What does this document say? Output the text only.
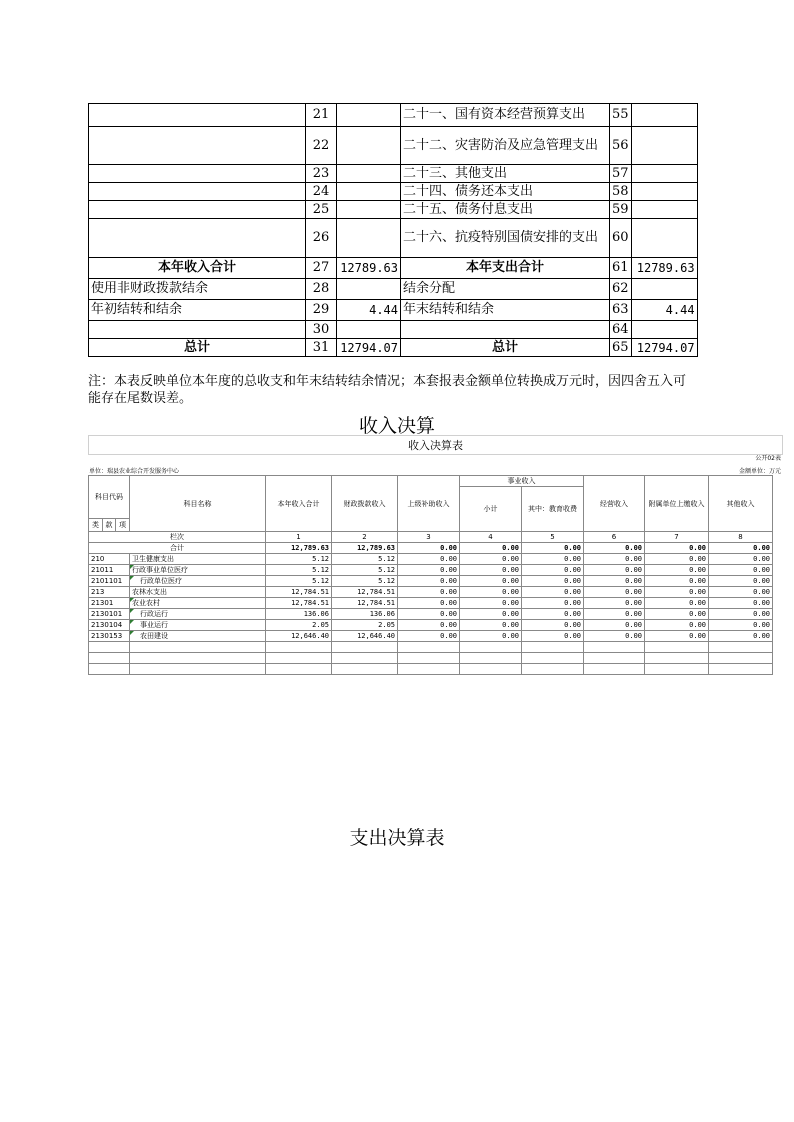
	21		二十一、国有资本经营预算支出	55	
	22		二十二、灾害防治及应急管理支出	56	
	23		二十三、其他支出	57	
	24		二十四、债务还本支出	58	
	25		二十五、债务付息支出	59	
	26		二十六、抗疫特别国债安排的支出	60	
本年收入合计	27	12789.63	本年支出合计	61	12789.63
使用非财政拨款结余	28		结余分配	62	
年初结转和结余	29	4.44	年末结转和结余	63	4.44
	30			64	
总计	31	12794.07	总计	65	12794.07
注：本表反映单位本年度的总收支和年末结转结余情况；本套报表金额单位转换成万元时，因四舍五入可能存在尾数误差。
收入决算
收入决算表
公开02表
单位：瑞县农业综合开发服务中心	金额单位：万元
科目代码			科目名称	本年收入合计	财政拨款收入	上级补助收入	事业收入		经营收入	附属单位上缴收入	其他收入
							小计	其中：教育收费			
类	款	项									
栏次				1	2	3	4	5	6	7	8
合计				12,789.63	12,789.63	0.00	0.00	0.00	0.00	0.00	0.00
210			卫生健康支出	5.12	5.12	0.00	0.00	0.00	0.00	0.00	0.00
21011			行政事业单位医疗	5.12	5.12	0.00	0.00	0.00	0.00	0.00	0.00
2101101			行政单位医疗	5.12	5.12	0.00	0.00	0.00	0.00	0.00	0.00
213			农林水支出	12,784.51	12,784.51	0.00	0.00	0.00	0.00	0.00	0.00
21301			农业农村	12,784.51	12,784.51	0.00	0.00	0.00	0.00	0.00	0.00
2130101			行政运行	136.06	136.06	0.00	0.00	0.00	0.00	0.00	0.00
2130104			事业运行	2.05	2.05	0.00	0.00	0.00	0.00	0.00	0.00
2130153			农田建设	12,646.40	12,646.40	0.00	0.00	0.00	0.00	0.00	0.00

支出决算表
